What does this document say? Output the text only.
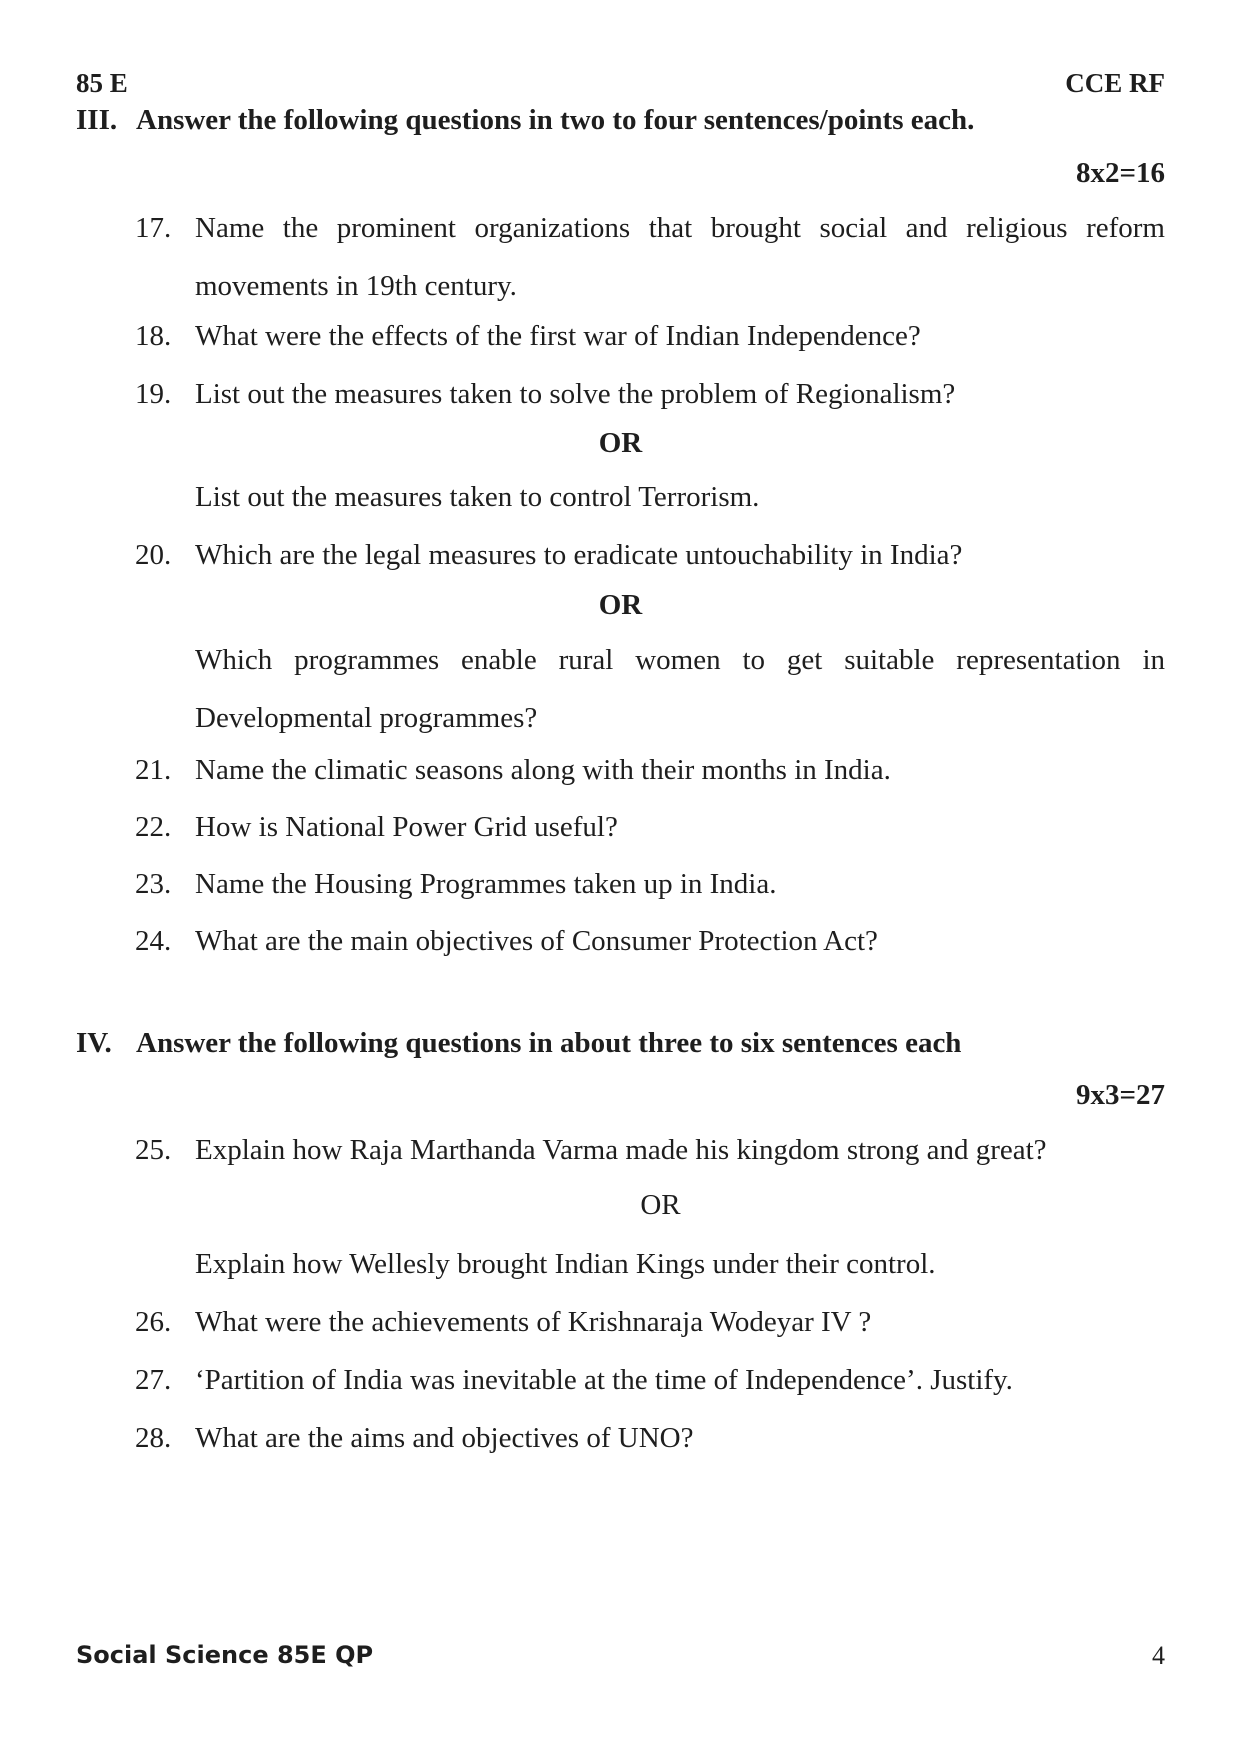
85 E	CCE RF
III. Answer the following questions in two to four sentences/points each.
8x2=16
17. Name the prominent organizations that brought social and religious reform movements in 19th century.
18. What were the effects of the first war of Indian Independence?
19. List out the measures taken to solve the problem of Regionalism?
OR
List out the measures taken to control Terrorism.
20. Which are the legal measures to eradicate untouchability in India?
OR
Which programmes enable rural women to get suitable representation in Developmental programmes?
21. Name the climatic seasons along with their months in India.
22. How is National Power Grid useful?
23. Name the Housing Programmes taken up in India.
24. What are the main objectives of Consumer Protection Act?
IV. Answer the following questions in about three to six sentences each
9x3=27
25. Explain how Raja Marthanda Varma made his kingdom strong and great?
OR
Explain how Wellesly brought Indian Kings under their control.
26. What were the achievements of Krishnaraja Wodeyar IV ?
27. ‘Partition of India was inevitable at the time of Independence’. Justify.
28. What are the aims and objectives of UNO?
Social Science 85E QP	4
